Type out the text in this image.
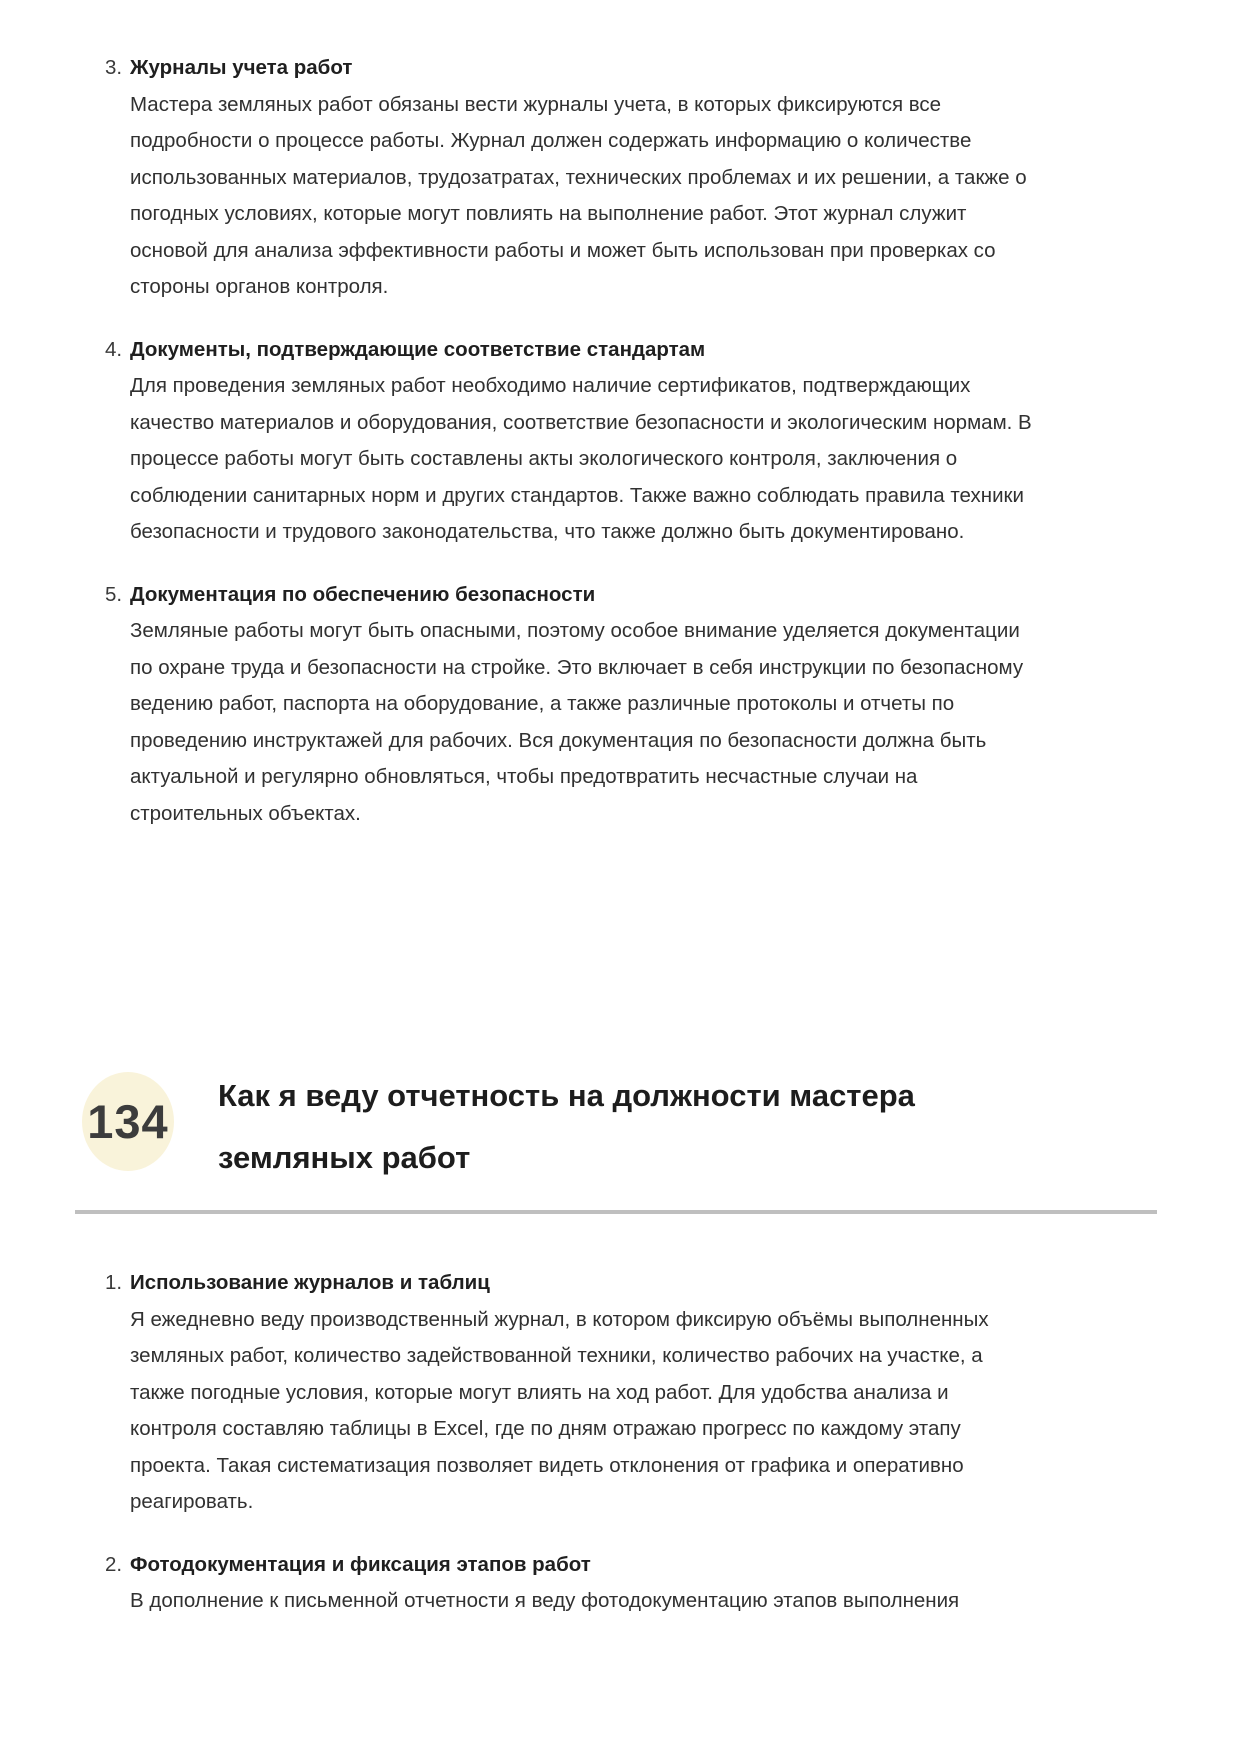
3. Журналы учета работ
Мастера земляных работ обязаны вести журналы учета, в которых фиксируются все подробности о процессе работы. Журнал должен содержать информацию о количестве использованных материалов, трудозатратах, технических проблемах и их решении, а также о погодных условиях, которые могут повлиять на выполнение работ. Этот журнал служит основой для анализа эффективности работы и может быть использован при проверках со стороны органов контроля.
4. Документы, подтверждающие соответствие стандартам
Для проведения земляных работ необходимо наличие сертификатов, подтверждающих качество материалов и оборудования, соответствие безопасности и экологическим нормам. В процессе работы могут быть составлены акты экологического контроля, заключения о соблюдении санитарных норм и других стандартов. Также важно соблюдать правила техники безопасности и трудового законодательства, что также должно быть документировано.
5. Документация по обеспечению безопасности
Земляные работы могут быть опасными, поэтому особое внимание уделяется документации по охране труда и безопасности на стройке. Это включает в себя инструкции по безопасному ведению работ, паспорта на оборудование, а также различные протоколы и отчеты по проведению инструктажей для рабочих. Вся документация по безопасности должна быть актуальной и регулярно обновляться, чтобы предотвратить несчастные случаи на строительных объектах.
134 Как я веду отчетность на должности мастера земляных работ
1. Использование журналов и таблиц
Я ежедневно веду производственный журнал, в котором фиксирую объёмы выполненных земляных работ, количество задействованной техники, количество рабочих на участке, а также погодные условия, которые могут влиять на ход работ. Для удобства анализа и контроля составляю таблицы в Excel, где по дням отражаю прогресс по каждому этапу проекта. Такая систематизация позволяет видеть отклонения от графика и оперативно реагировать.
2. Фотодокументация и фиксация этапов работ
В дополнение к письменной отчетности я веду фотодокументацию этапов выполнения
